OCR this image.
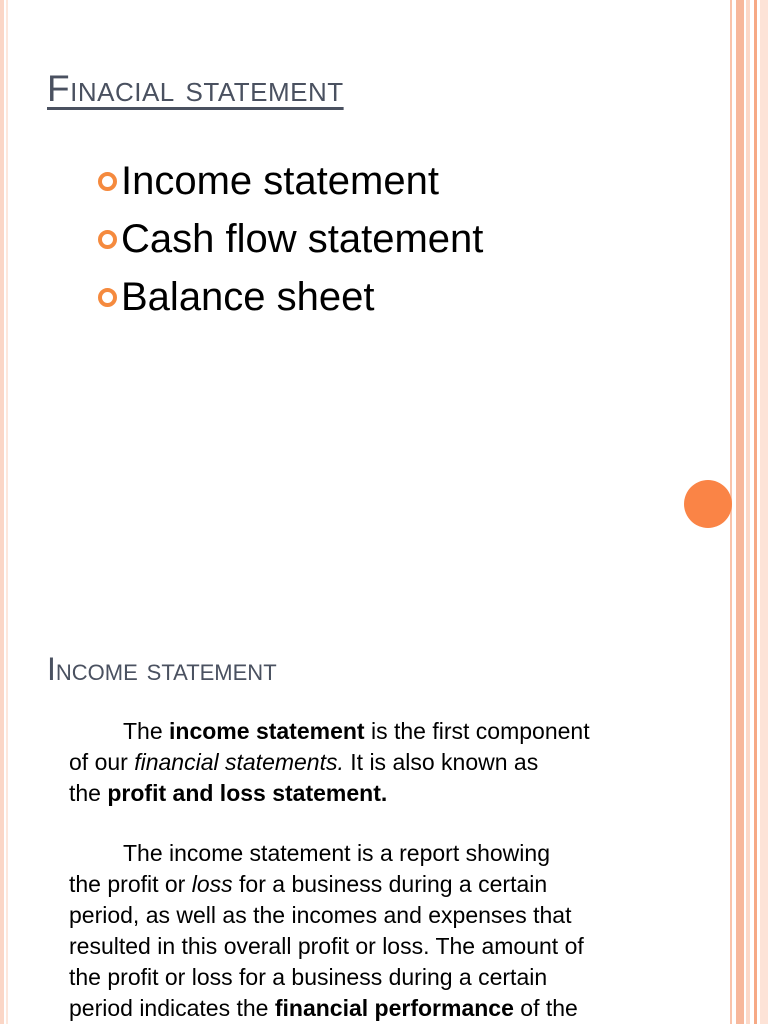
Finacial statement
Income statement
Cash flow statement
Balance sheet
Income statement

The income statement is the first component
of our financial statements. It is also known as
the profit and loss statement.

The income statement is a report showing
the profit or loss for a business during a certain
period, as well as the incomes and expenses that
resulted in this overall profit or loss. The amount of
the profit or loss for a business during a certain
period indicates the financial performance of the
